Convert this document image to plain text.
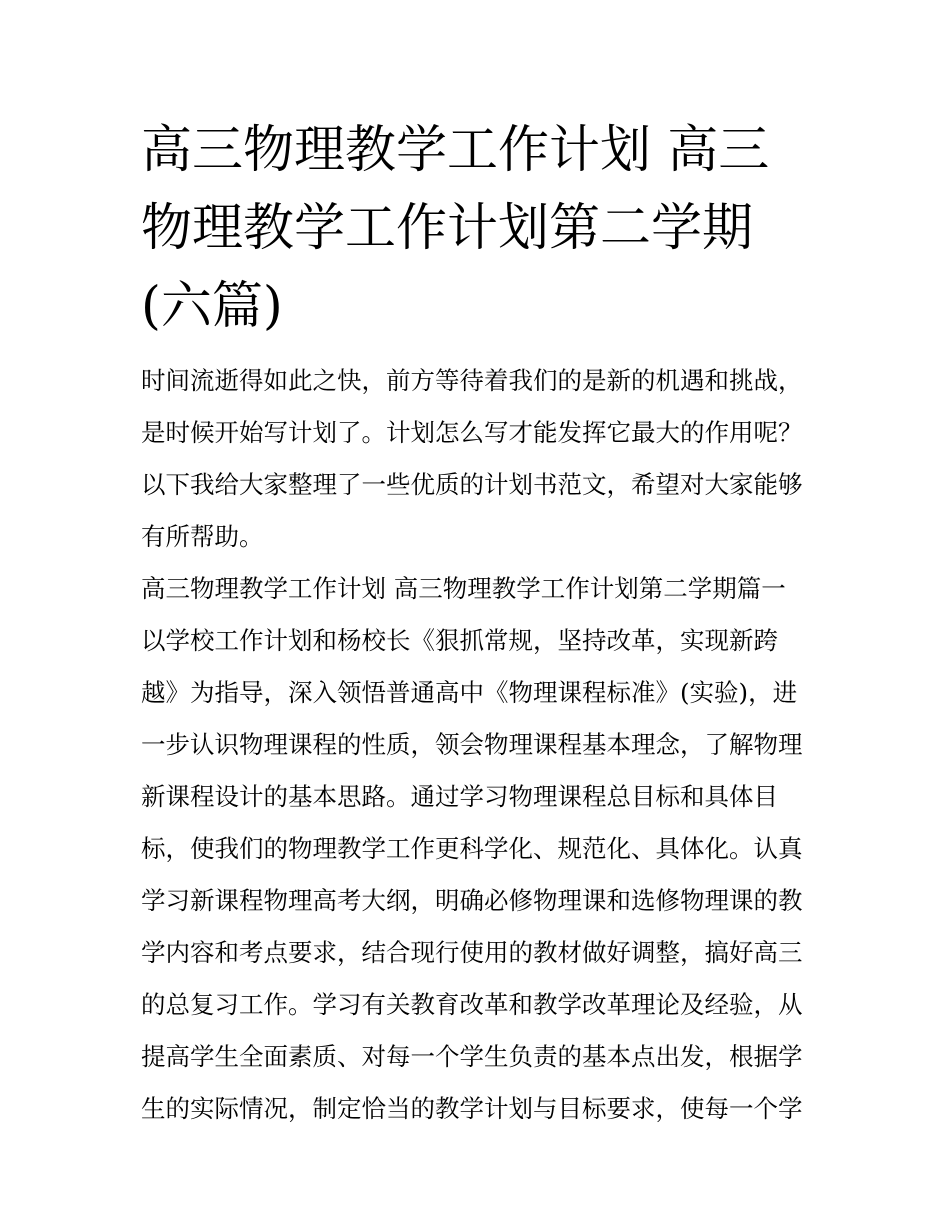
高三物理教学工作计划 高三物理教学工作计划第二学期(六篇)

时间流逝得如此之快，前方等待着我们的是新的机遇和挑战，是时候开始写计划了。计划怎么写才能发挥它最大的作用呢？以下我给大家整理了一些优质的计划书范文，希望对大家能够有所帮助。

高三物理教学工作计划 高三物理教学工作计划第二学期篇一

以学校工作计划和杨校长《狠抓常规，坚持改革，实现新跨越》为指导，深入领悟普通高中《物理课程标准》(实验)，进一步认识物理课程的性质，领会物理课程基本理念，了解物理新课程设计的基本思路。通过学习物理课程总目标和具体目标，使我们的物理教学工作更科学化、规范化、具体化。认真学习新课程物理高考大纲，明确必修物理课和选修物理课的教学内容和考点要求，结合现行使用的教材做好调整，搞好高三的总复习工作。学习有关教育改革和教学改革理论及经验，从提高学生全面素质、对每一个学生负责的基本点出发，根据学生的实际情况，制定恰当的教学计划与目标要求，使每一个学
